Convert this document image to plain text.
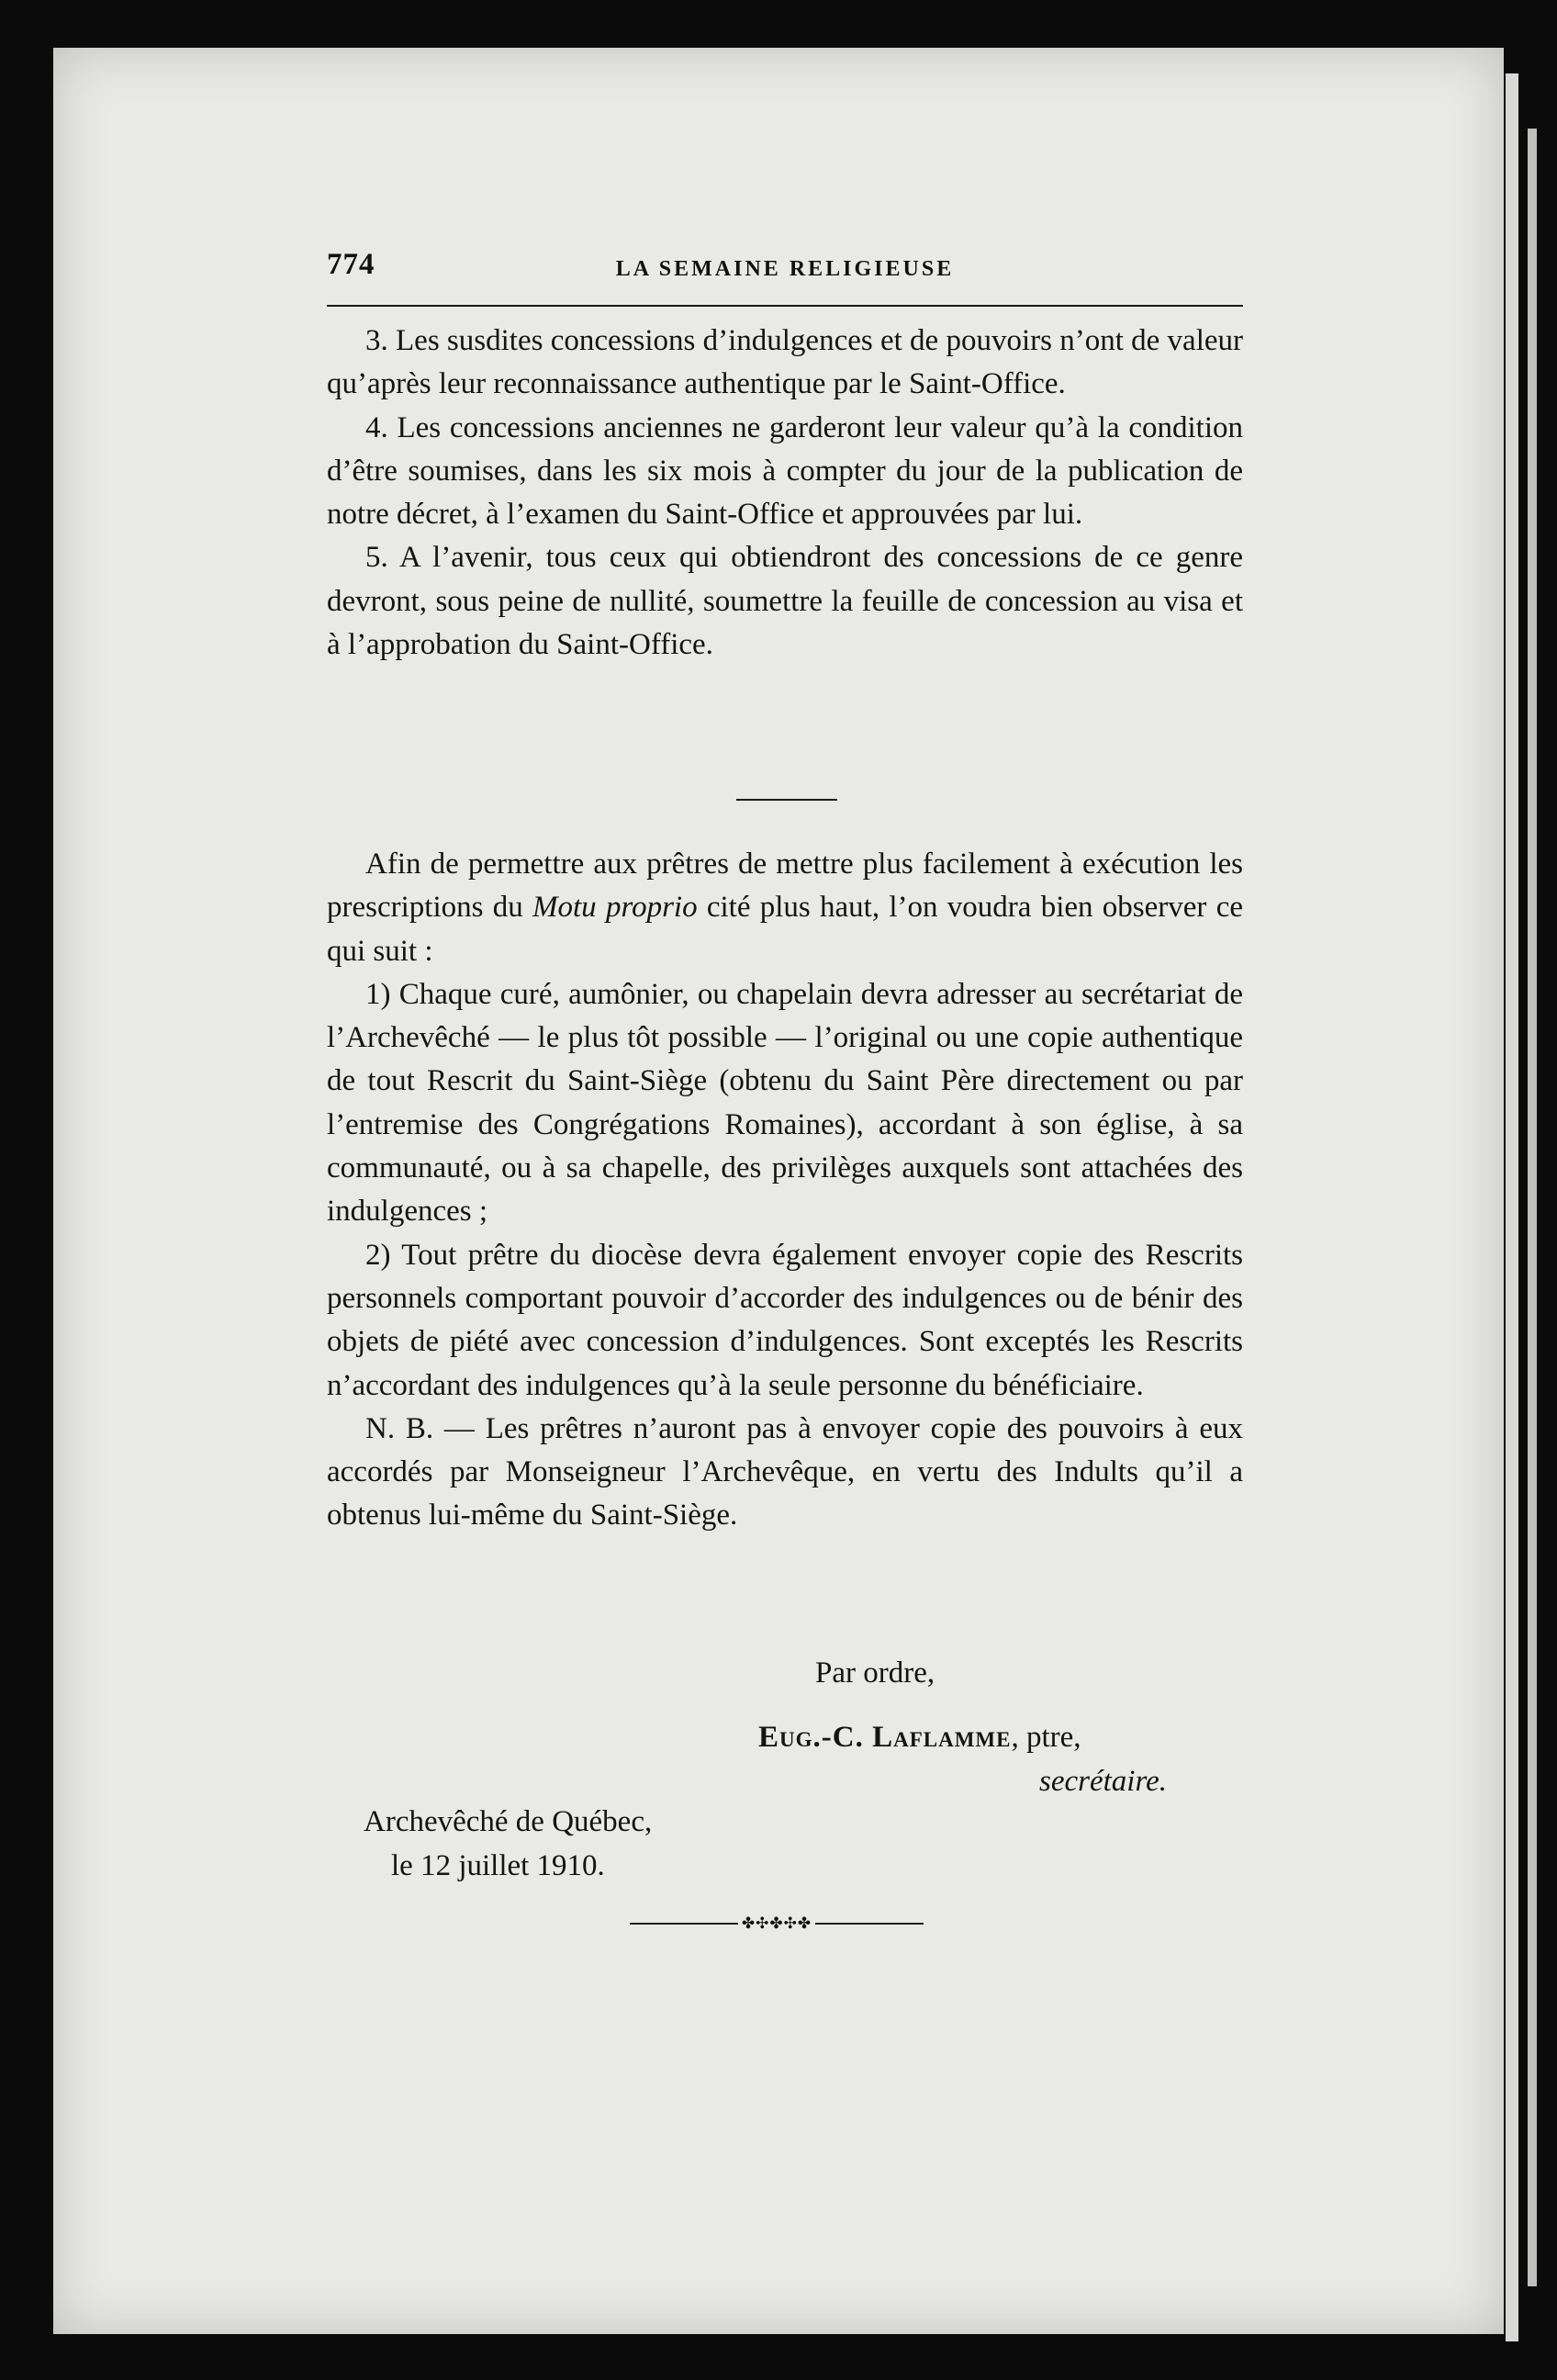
774	LA SEMAINE RELIGIEUSE

3. Les susdites concessions d’indulgences et de pouvoirs n’ont de valeur qu’après leur reconnaissance authentique par le Saint-Office.

4. Les concessions anciennes ne garderont leur valeur qu’à la condition d’être soumises, dans les six mois à compter du jour de la publication de notre décret, à l’examen du Saint-Office et approuvées par lui.

5. A l’avenir, tous ceux qui obtiendront des concessions de ce genre devront, sous peine de nullité, soumettre la feuille de concession au visa et à l’approbation du Saint-Office.

Afin de permettre aux prêtres de mettre plus facilement à exécution les prescriptions du Motu proprio cité plus haut, l’on voudra bien observer ce qui suit :

1) Chaque curé, aumônier, ou chapelain devra adresser au secrétariat de l’Archevêché — le plus tôt possible — l’original ou une copie authentique de tout Rescrit du Saint-Siège (obtenu du Saint Père directement ou par l’entremise des Congrégations Romaines), accordant à son église, à sa communauté, ou à sa chapelle, des privilèges auxquels sont attachées des indulgences ;

2) Tout prêtre du diocèse devra également envoyer copie des Rescrits personnels comportant pouvoir d’accorder des indulgences ou de bénir des objets de piété avec concession d’indulgences. Sont exceptés les Rescrits n’accordant des indulgences qu’à la seule personne du bénéficiaire.

N. B. — Les prêtres n’auront pas à envoyer copie des pouvoirs à eux accordés par Monseigneur l’Archevêque, en vertu des Indults qu’il a obtenus lui-même du Saint-Siège.

Par ordre,
Eug.-C. Laflamme, ptre,
secrétaire.
Archevêché de Québec,
le 12 juillet 1910.
✤✣✤✣✤
